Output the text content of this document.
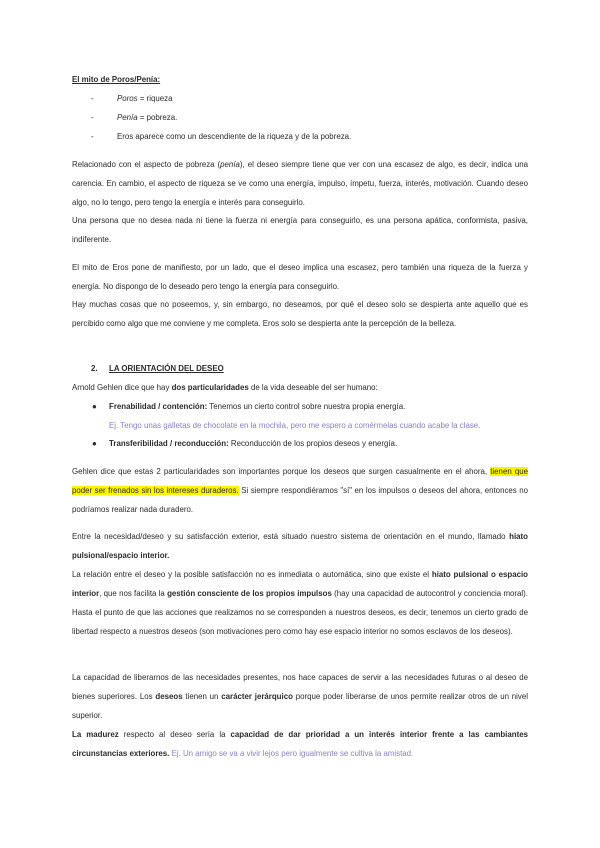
El mito de Poros/Penía:

-	Poros = riqueza
-	Penía = pobreza.
-	Eros aparece como un descendiente de la riqueza y de la pobreza.

Relacionado con el aspecto de pobreza (penía), el deseo siempre tiene que ver con una escasez de algo, es decir, indica una carencia. En cambio, el aspecto de riqueza se ve como una energía, impulso, ímpetu, fuerza, interés, motivación. Cuando deseo algo, no lo tengo, pero tengo la energía e interés para conseguirlo.

Una persona que no desea nada ni tiene la fuerza ni energía para conseguirlo, es una persona apática, conformista, pasiva, indiferente.

El mito de Eros pone de manifiesto, por un lado, que el deseo implica una escasez, pero también una riqueza de la fuerza y energía. No dispongo de lo deseado pero tengo la energía para conseguirlo.

Hay muchas cosas que no poseemos, y, sin embargo, no deseamos, por qué el deseo solo se despierta ante aquello que es percibido como algo que me conviene y me completa. Eros solo se despierta ante la percepción de la belleza.

2. LA ORIENTACIÓN DEL DESEO

Arnold Gehlen dice que hay dos particularidades de la vida deseable del ser humano:

● Frenabilidad / contención: Tenemos un cierto control sobre nuestra propia energía.
Ej. Tengo unas galletas de chocolate en la mochila, pero me espero a comérmelas cuando acabe la clase.
● Transferibilidad / reconducción: Reconducción de los propios deseos y energía.

Gehlen dice que estas 2 particularidades son importantes porque los deseos que surgen casualmente en el ahora, tienen que poder ser frenados sin los intereses duraderos. Si siempre respondiéramos "sí" en los impulsos o deseos del ahora, entonces no podríamos realizar nada duradero.

Entre la necesidad/deseo y su satisfacción exterior, está situado nuestro sistema de orientación en el mundo, llamado hiato pulsional/espacio interior.

La relación entre el deseo y la posible satisfacción no es inmediata o automática, sino que existe el hiato pulsional o espacio interior, que nos facilita la gestión consciente de los propios impulsos (hay una capacidad de autocontrol y conciencia moral). Hasta el punto de que las acciones que realizamos no se corresponden a nuestros deseos, es decir, tenemos un cierto grado de libertad respecto a nuestros deseos (son motivaciones pero como hay ese espacio interior no somos esclavos de los deseos).

La capacidad de liberarnos de las necesidades presentes, nos hace capaces de servir a las necesidades futuras o al deseo de bienes superiores. Los deseos tienen un carácter jerárquico porque poder liberarse de unos permite realizar otros de un nivel superior.

La madurez respecto al deseo sería la capacidad de dar prioridad a un interés interior frente a las cambiantes circunstancias exteriores. Ej. Un amigo se va a vivir lejos pero igualmente se cultiva la amistad.
